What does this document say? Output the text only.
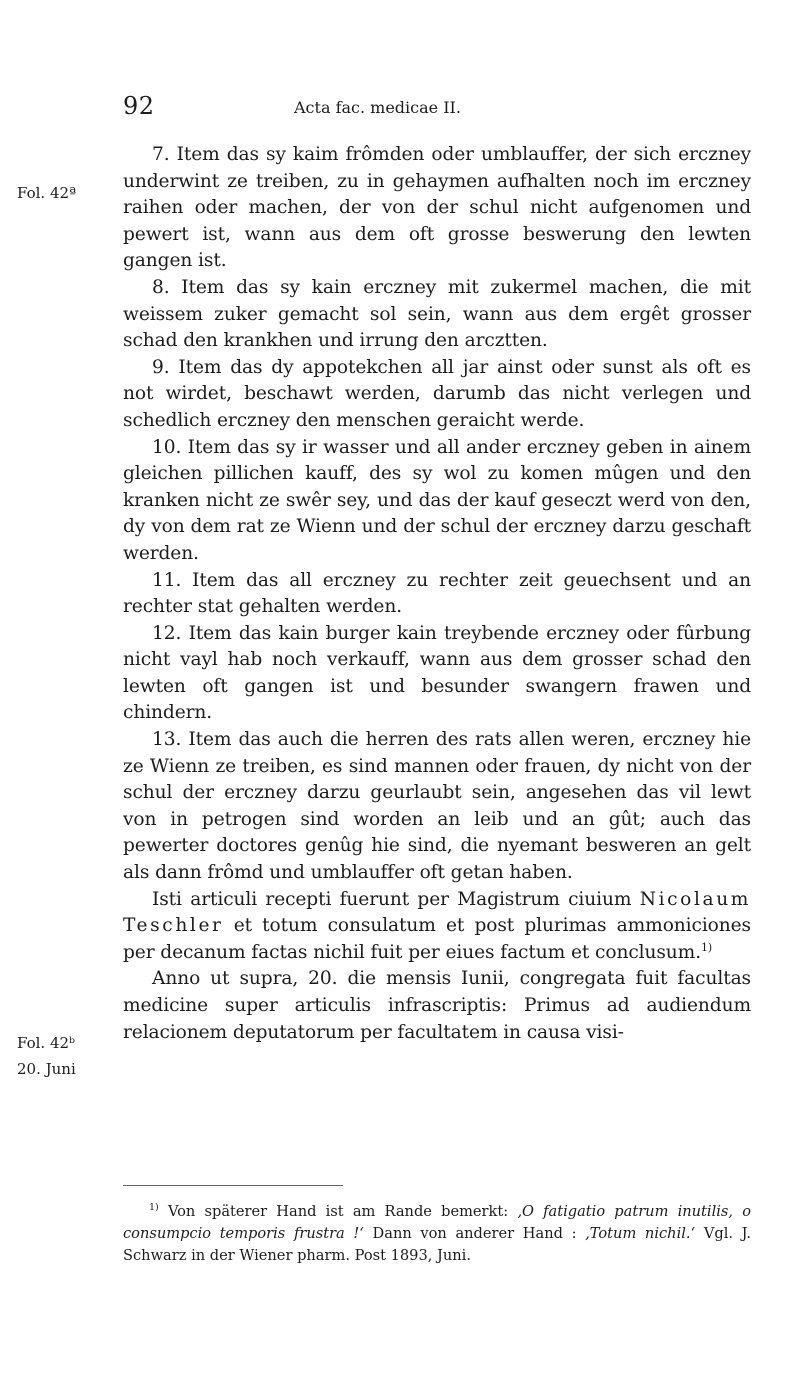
92	Acta fac. medicae II.
Fol. 42ª
Fol. 42ᵇ
20. Juni

7. Item das sy kaim frômden oder umblauffer, der sich erczney underwint ze treiben, zu in gehaymen aufhalten noch im erczney raihen oder machen, der von der schul nicht aufgenomen und pewert ist, wann aus dem oft grosse beswerung den lewten gangen ist.

8. Item das sy kain erczney mit zukermel machen, die mit weissem zuker gemacht sol sein, wann aus dem ergêt grosser schad den krankhen und irrung den arcztten.

9. Item das dy appotekchen all jar ainst oder sunst als oft es not wirdet, beschawt werden, darumb das nicht verlegen und schedlich erczney den menschen geraicht werde.

10. Item das sy ir wasser und all ander erczney geben in ainem gleichen pillichen kauff, des sy wol zu komen mûgen und den kranken nicht ze swêr sey, und das der kauf geseczt werd von den, dy von dem rat ze Wienn und der schul der erczney darzu geschaft werden.

11. Item das all erczney zu rechter zeit geuechsent und an rechter stat gehalten werden.

12. Item das kain burger kain treybende erczney oder fûrbung nicht vayl hab noch verkauff, wann aus dem grosser schad den lewten oft gangen ist und besunder swangern frawen und chindern.

13. Item das auch die herren des rats allen weren, erczney hie ze Wienn ze treiben, es sind mannen oder frauen, dy nicht von der schul der erczney darzu geurlaubt sein, angesehen das vil lewt von in petrogen sind worden an leib und an gût; auch das pewerter doctores genûg hie sind, die nyemant besweren an gelt als dann frômd und umblauffer oft getan haben.

Isti articuli recepti fuerunt per Magistrum ciuium Nicolaum Teschler et totum consulatum et post plurimas ammoniciones per decanum factas nichil fuit per eiues factum et conclusum.$^{1)}$

Anno ut supra, 20. die mensis Iunii, congregata fuit facultas medicine super articulis infrascriptis: Primus ad audiendum relacionem deputatorum per facultatem in causa visi-

$^{1)}$ Von späterer Hand ist am Rande bemerkt: ‚O fatigatio patrum inutilis, o consumpcio temporis frustra !‘ Dann von anderer Hand : ‚Totum nichil.‘ Vgl. J. Schwarz in der Wiener pharm. Post 1893, Juni.
